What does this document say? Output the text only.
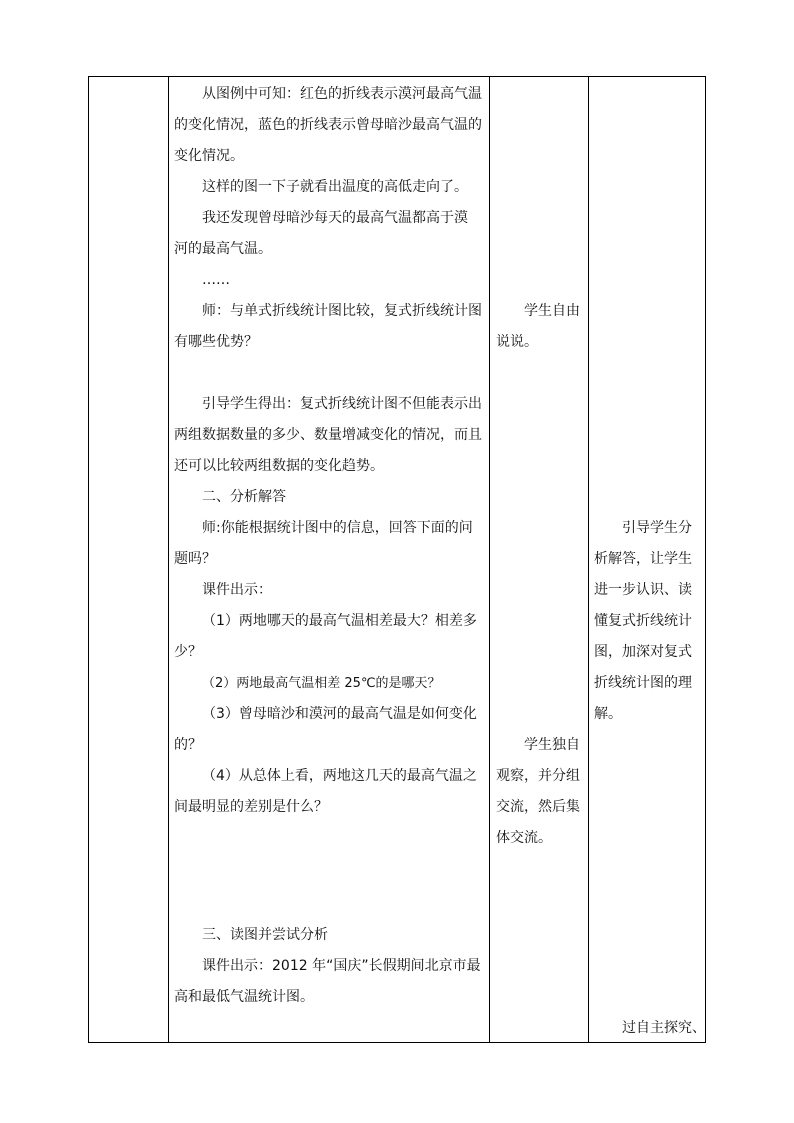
从图例中可知：红色的折线表示漠河最高气温
的变化情况，蓝色的折线表示曾母暗沙最高气温的
变化情况。
这样的图一下子就看出温度的高低走向了。
我还发现曾母暗沙每天的最高气温都高于漠
河的最高气温。
……
师：与单式折线统计图比较，复式折线统计图
有哪些优势？
引导学生得出：复式折线统计图不但能表示出
两组数据数量的多少、数量增减变化的情况，而且
还可以比较两组数据的变化趋势。
二、分析解答
师:你能根据统计图中的信息，回答下面的问
题吗？
课件出示：
（1）两地哪天的最高气温相差最大？相差多
少？
（2）两地最高气温相差 25℃的是哪天？
（3）曾母暗沙和漠河的最高气温是如何变化
的？
（4）从总体上看，两地这几天的最高气温之
间最明显的差别是什么？
三、读图并尝试分析
课件出示：2012 年“国庆”长假期间北京市最
高和最低气温统计图。
学生自由
说说。
学生独自
观察，并分组
交流，然后集
体交流。
引导学生分
析解答，让学生
进一步认识、读
懂复式折线统计
图，加深对复式
折线统计图的理
解。
过自主探究、
